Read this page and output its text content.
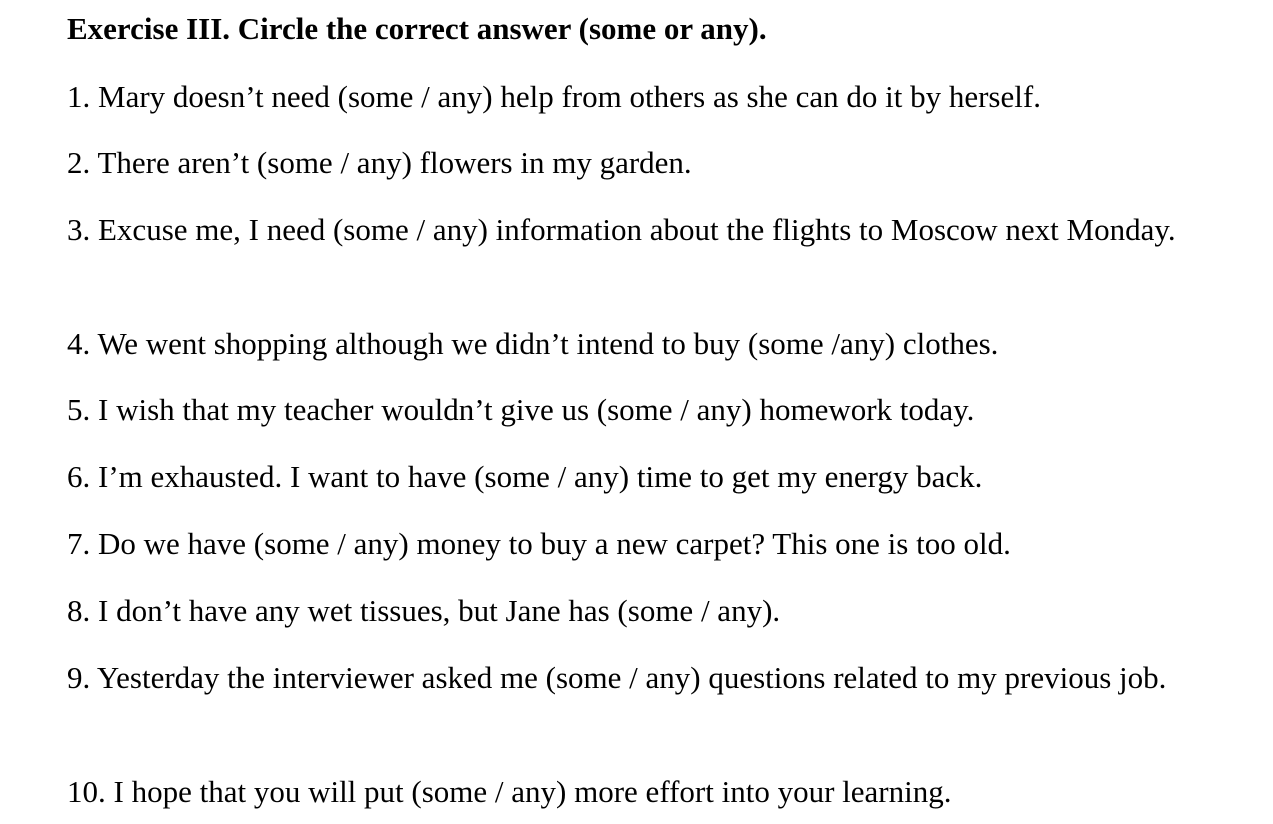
Exercise III. Circle the correct answer (some or any).
1. Mary doesn’t need (some / any) help from others as she can do it by herself.
2. There aren’t (some / any) flowers in my garden.
3. Excuse me, I need (some / any) information about the flights to Moscow next Monday.
4. We went shopping although we didn’t intend to buy (some /any) clothes.
5. I wish that my teacher wouldn’t give us (some / any) homework today.
6. I’m exhausted. I want to have (some / any) time to get my energy back.
7. Do we have (some / any) money to buy a new carpet? This one is too old.
8. I don’t have any wet tissues, but Jane has (some / any).
9. Yesterday the interviewer asked me (some / any) questions related to my previous job.
10. I hope that you will put (some / any) more effort into your learning.
